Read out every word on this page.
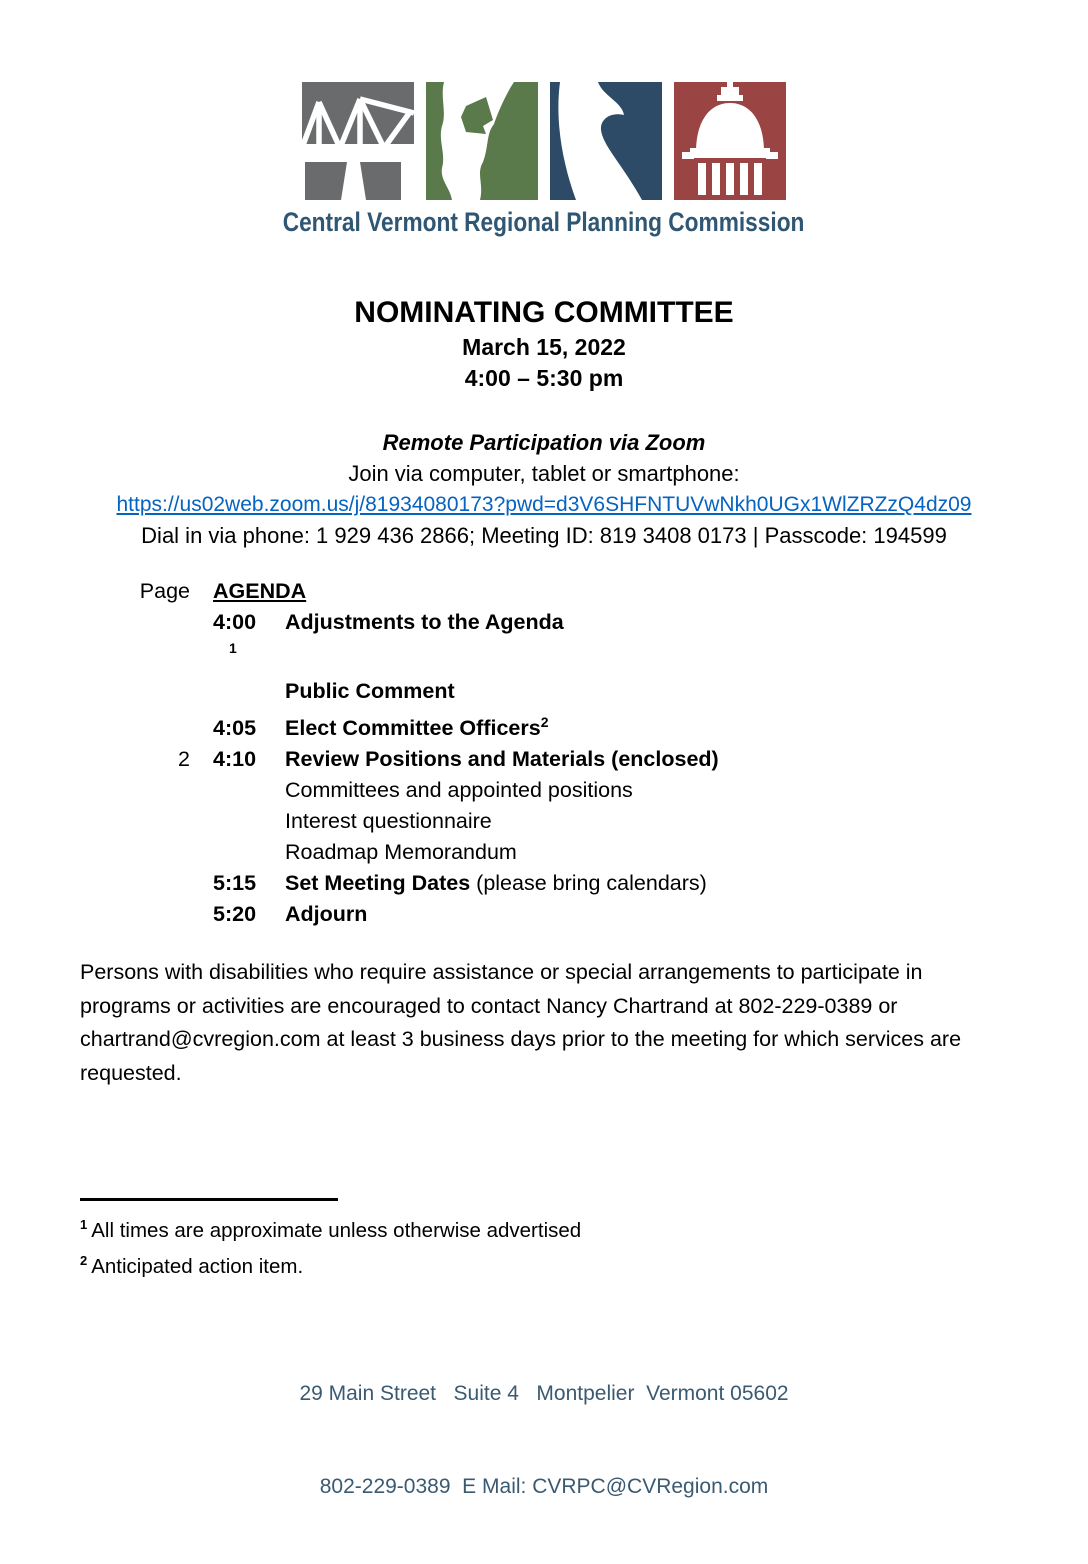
Central Vermont Regional Planning Commission
NOMINATING COMMITTEE
March 15, 2022
4:00 – 5:30 pm
Remote Participation via Zoom
Join via computer, tablet or smartphone:
https://us02web.zoom.us/j/81934080173?pwd=d3V6SHFNTUVwNkh0UGx1WlZRZzQ4dz09
Dial in via phone: 1 929 436 2866; Meeting ID: 819 3408 0173 | Passcode: 194599
Page AGENDA
4:00	Adjustments to the Agenda
1
Public Comment
4:05	Elect Committee Officers$^2$
2 4:10	Review Positions and Materials (enclosed)
Committees and appointed positions
Interest questionnaire
Roadmap Memorandum
5:15	Set Meeting Dates (please bring calendars)
5:20	Adjourn
Persons with disabilities who require assistance or special arrangements to participate in programs or activities are encouraged to contact Nancy Chartrand at 802-229-0389 or chartrand@cvregion.com at least 3 business days prior to the meeting for which services are requested.
$^1$ All times are approximate unless otherwise advertised
$^2$ Anticipated action item.

29 Main Street   Suite 4   Montpelier  Vermont 05602

802-229-0389  E Mail: CVRPC@CVRegion.com
